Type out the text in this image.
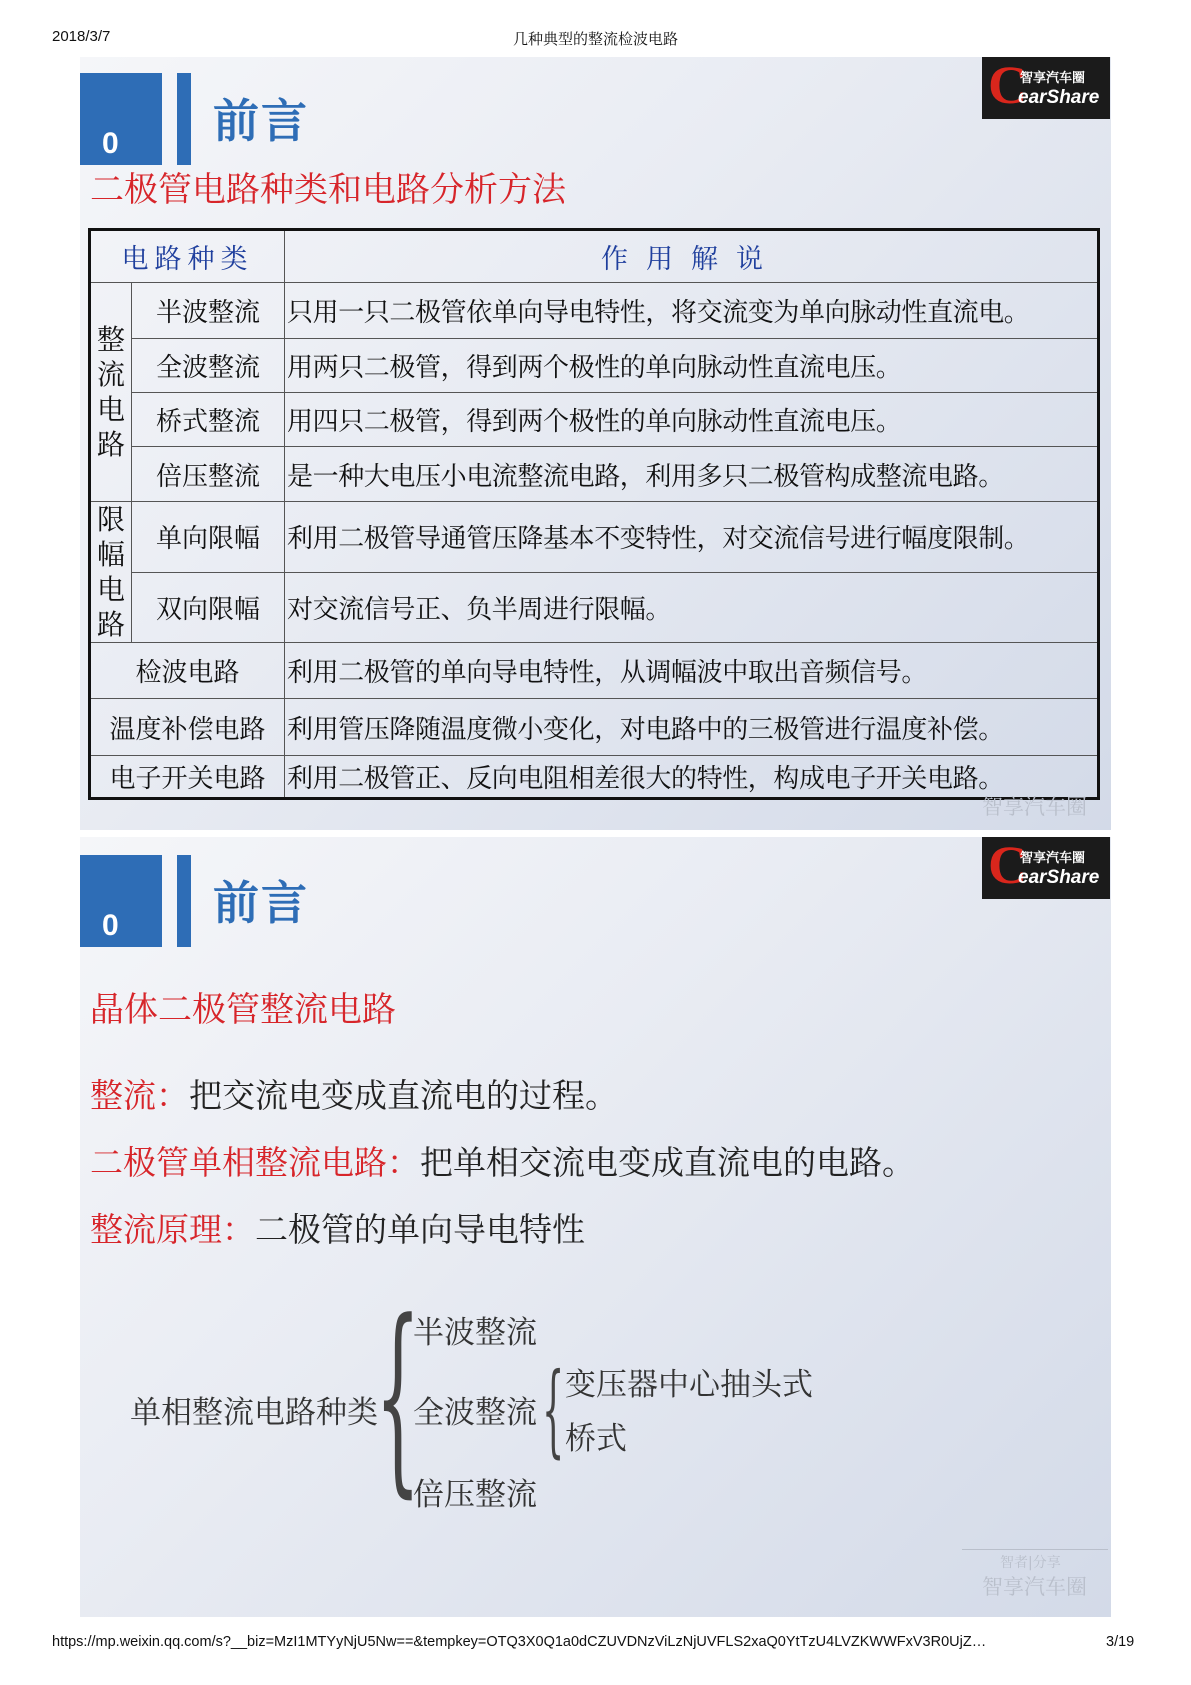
2018/3/7	几种典型的整流检波电路
0 前言
C
智享汽车圈
earShare
二极管电路种类和电路分析方法
电路种类		作用解说

整流电路	半波整流	只用一只二极管依单向导电特性，将交流变为单向脉动性直流电。
	全波整流	用两只二极管，得到两个极性的单向脉动性直流电压。
	桥式整流	用四只二极管，得到两个极性的单向脉动性直流电压。
	倍压整流	是一种大电压小电流整流电路，利用多只二极管构成整流电路。

限幅电路	单向限幅	利用二极管导通管压降基本不变特性，对交流信号进行幅度限制。
	双向限幅	对交流信号正、负半周进行限幅。
检波电路		利用二极管的单向导电特性，从调幅波中取出音频信号。
温度补偿电路		利用管压降随温度微小变化，对电路中的三极管进行温度补偿。
电子开关电路		利用二极管正、反向电阻相差很大的特性，构成电子开关电路。
智享汽车圈
0 前言
C
智享汽车圈
earShare
晶体二极管整流电路
整流：把交流电变成直流电的过程。
二极管单相整流电路：把单相交流电变成直流电的电路。
整流原理：二极管的单向导电特性
单相整流电路种类
{
半波整流
全波整流
倍压整流
{ 变压器中心抽头式
桥式
智者|分享
智享汽车圈
https://mp.weixin.qq.com/s?__biz=MzI1MTYyNjU5Nw==&tempkey=OTQ3X0Q1a0dCZUVDNzViLzNjUVFLS2xaQ0YtTzU4LVZKWWFxV3R0UjZ…	3/19
